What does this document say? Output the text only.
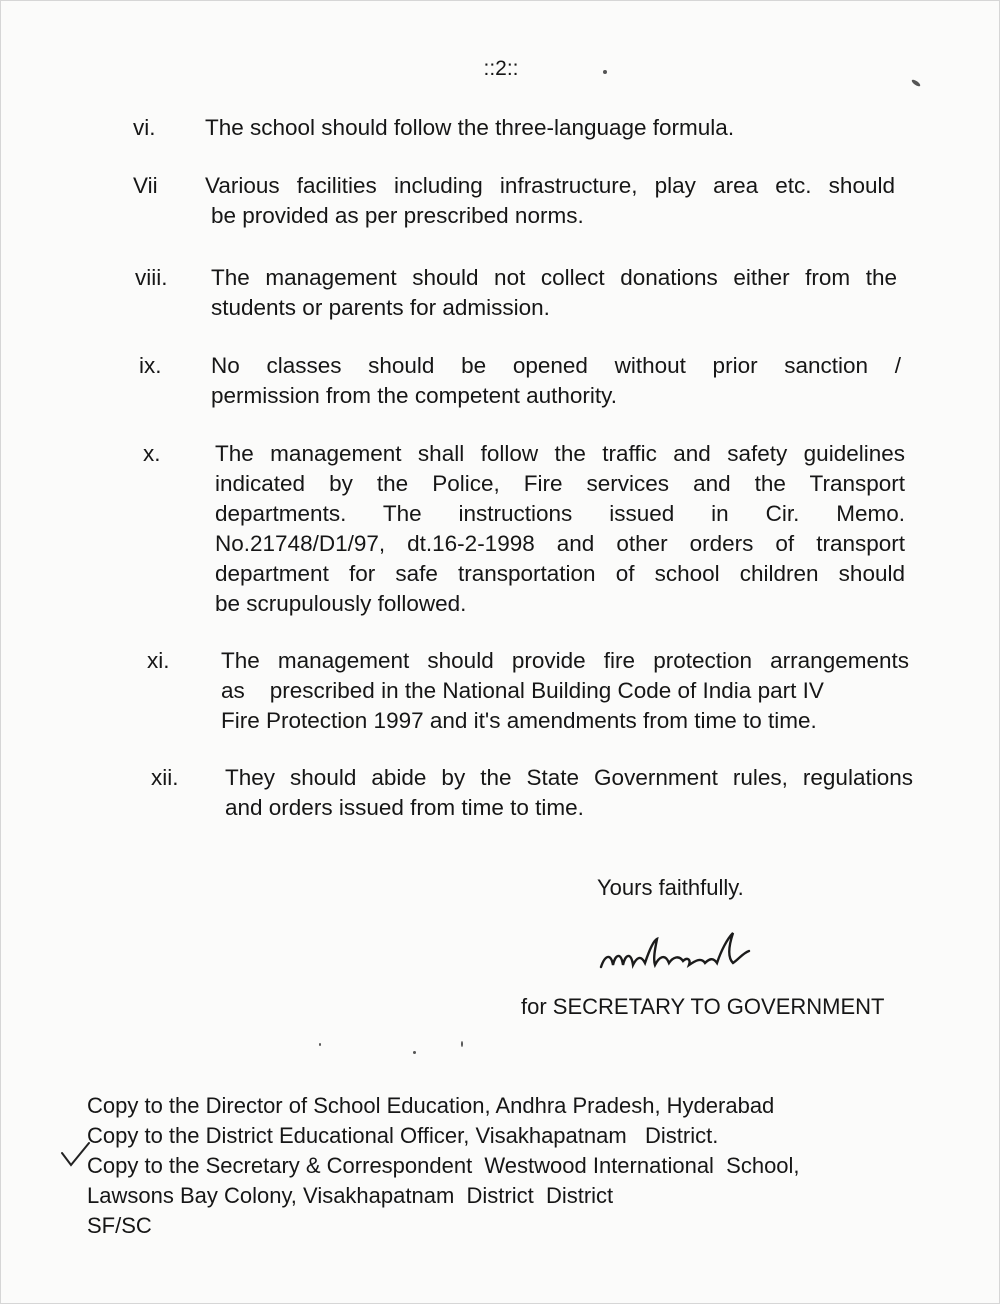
::2::
vi. The school should follow the three-language formula.
Vii Various facilities including infrastructure, play area etc. should
be provided as per prescribed norms.
viii. The management should not collect donations either from the
students or parents for admission.
ix. No classes should be opened without prior sanction /
permission from the competent authority.
x. The management shall follow the traffic and safety guidelines
indicated by the Police, Fire services and the Transport
departments. The instructions issued in Cir. Memo.
No.21748/D1/97, dt.16-2-1998 and other orders of transport
department for safe transportation of school children should
be scrupulously followed.
xi. The management should provide fire protection arrangements
as    prescribed in the National Building Code of India part IV
Fire Protection 1997 and it's amendments from time to time.
xii. They should abide by the State Government rules, regulations
and orders issued from time to time.
Yours faithfully.
for SECRETARY TO GOVERNMENT
Copy to the Director of School Education, Andhra Pradesh, Hyderabad
Copy to the District Educational Officer, Visakhapatnam   District.
Copy to the Secretary & Correspondent  Westwood International  School,
Lawsons Bay Colony, Visakhapatnam  District  District
SF/SC
